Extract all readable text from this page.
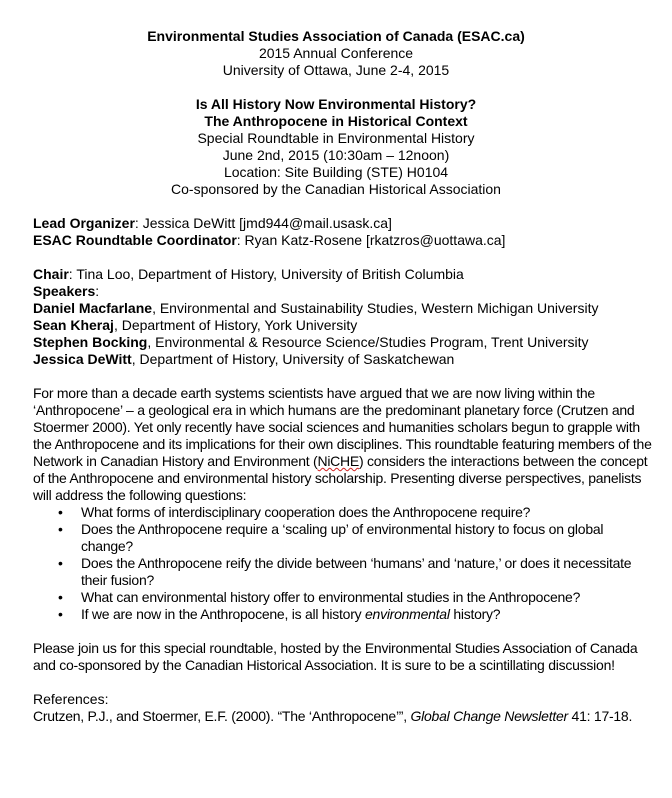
Environmental Studies Association of Canada (ESAC.ca)

2015 Annual Conference

University of Ottawa, June 2-4, 2015

Is All History Now Environmental History?

The Anthropocene in Historical Context

Special Roundtable in Environmental History

June 2nd, 2015 (10:30am – 12noon)

Location: Site Building (STE) H0104

Co-sponsored by the Canadian Historical Association

Lead Organizer: Jessica DeWitt [jmd944@mail.usask.ca]

ESAC Roundtable Coordinator: Ryan Katz-Rosene [rkatzros@uottawa.ca]

Chair: Tina Loo, Department of History, University of British Columbia

Speakers:

Daniel Macfarlane, Environmental and Sustainability Studies, Western Michigan University

Sean Kheraj, Department of History, York University

Stephen Bocking, Environmental & Resource Science/Studies Program, Trent University

Jessica DeWitt, Department of History, University of Saskatchewan

For more than a decade earth systems scientists have argued that we are now living within the ‘Anthropocene’ – a geological era in which humans are the predominant planetary force (Crutzen and Stoermer 2000). Yet only recently have social sciences and humanities scholars begun to grapple with the Anthropocene and its implications for their own disciplines. This roundtable featuring members of the Network in Canadian History and Environment (NiCHE) considers the interactions between the concept of the Anthropocene and environmental history scholarship. Presenting diverse perspectives, panelists will address the following questions:

• What forms of interdisciplinary cooperation does the Anthropocene require?
• Does the Anthropocene require a ‘scaling up’ of environmental history to focus on global change?
• Does the Anthropocene reify the divide between ‘humans’ and ‘nature,’ or does it necessitate their fusion?
• What can environmental history offer to environmental studies in the Anthropocene?
• If we are now in the Anthropocene, is all history environmental history?

Please join us for this special roundtable, hosted by the Environmental Studies Association of Canada and co-sponsored by the Canadian Historical Association. It is sure to be a scintillating discussion!

References:

Crutzen, P.J., and Stoermer, E.F. (2000). “The ‘Anthropocene’”, Global Change Newsletter 41: 17-18.
